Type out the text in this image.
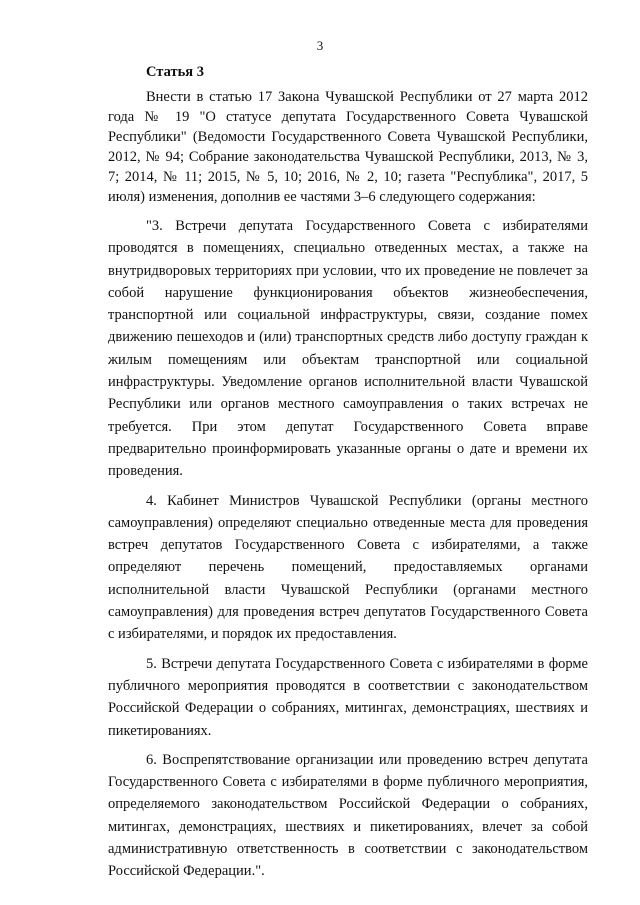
3
Статья 3

Внести в статью 17 Закона Чувашской Республики от 27 марта 2012 года № 19 "О статусе депутата Государственного Совета Чувашской Республики" (Ведомости Государственного Совета Чувашской Республики, 2012, № 94; Собрание законодательства Чувашской Республики, 2013, № 3, 7; 2014, № 11; 2015, № 5, 10; 2016, № 2, 10; газета "Республика", 2017, 5 июля) изменения, дополнив ее частями 3–6 следующего содержания:

"3. Встречи депутата Государственного Совета с избирателями проводятся в помещениях, специально отведенных местах, а также на внутридворовых территориях при условии, что их проведение не повлечет за собой нарушение функционирования объектов жизнеобеспечения, транспортной или социальной инфраструктуры, связи, создание помех движению пешеходов и (или) транспортных средств либо доступу граждан к жилым помещениям или объектам транспортной или социальной инфраструктуры. Уведомление органов исполнительной власти Чувашской Республики или органов местного самоуправления о таких встречах не требуется. При этом депутат Государственного Совета вправе предварительно проинформировать указанные органы о дате и времени их проведения.

4. Кабинет Министров Чувашской Республики (органы местного самоуправления) определяют специально отведенные места для проведения встреч депутатов Государственного Совета с избирателями, а также определяют перечень помещений, предоставляемых органами исполнительной власти Чувашской Республики (органами местного самоуправления) для проведения встреч депутатов Государственного Совета с избирателями, и порядок их предоставления.

5. Встречи депутата Государственного Совета с избирателями в форме публичного мероприятия проводятся в соответствии с законодательством Российской Федерации о собраниях, митингах, демонстрациях, шествиях и пикетированиях.

6. Воспрепятствование организации или проведению встреч депутата Государственного Совета с избирателями в форме публичного мероприятия, определяемого законодательством Российской Федерации о собраниях, митингах, демонстрациях, шествиях и пикетированиях, влечет за собой административную ответственность в соответствии с законодательством Российской Федерации.".
